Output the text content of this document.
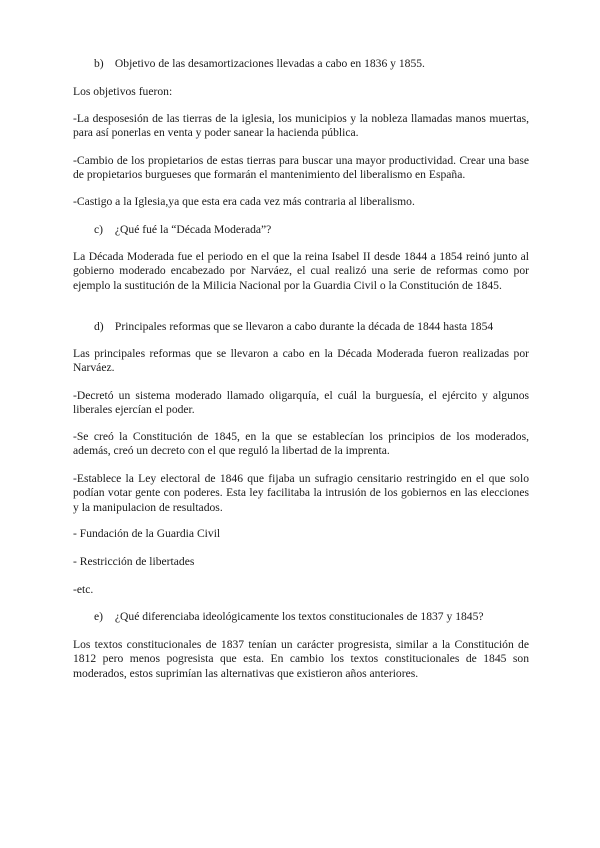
b) Objetivo de las desamortizaciones llevadas a cabo en 1836 y 1855.
Los objetivos fueron:
-La desposesión de las tierras de la iglesia, los municipios y la nobleza llamadas manos muertas, para así ponerlas en venta y poder sanear la hacienda pública.
-Cambio de los propietarios de estas tierras para buscar una mayor productividad. Crear una base de propietarios burgueses que formarán el mantenimiento del liberalismo en España.
-Castigo a la Iglesia,ya que esta era cada vez más contraria al liberalismo.
c) ¿Qué fué la “Década Moderada”?
La Década Moderada fue el periodo en el que la reina Isabel II desde 1844 a 1854 reinó junto al gobierno moderado encabezado por Narváez, el cual realizó una serie de reformas como por ejemplo la sustitución de la Milicia Nacional por la Guardia Civil o la Constitución de 1845.
d) Principales reformas que se llevaron a cabo durante la década de 1844 hasta 1854
Las principales reformas que se llevaron a cabo en la Década Moderada fueron realizadas por Narváez.
-Decretó un sistema moderado llamado oligarquía, el cuál la burguesía, el ejército y algunos liberales ejercían el poder.
-Se creó la Constitución de 1845, en la que se establecían los principios de los moderados, además, creó un decreto con el que reguló la libertad de la imprenta.
-Establece la Ley electoral de 1846 que fijaba un sufragio censitario restringido en el que solo podían votar gente con poderes. Esta ley facilitaba la intrusión de los gobiernos en las elecciones y la manipulacion de resultados.
- Fundación de la Guardia Civil
- Restricción de libertades
-etc.
e) ¿Qué diferenciaba ideológicamente los textos constitucionales de 1837 y 1845?
Los textos constitucionales de 1837 tenían un carácter progresista, similar a la Constitución de 1812 pero menos pogresista que esta. En cambio los textos constitucionales de 1845 son moderados, estos suprimían las alternativas que existieron años anteriores.
